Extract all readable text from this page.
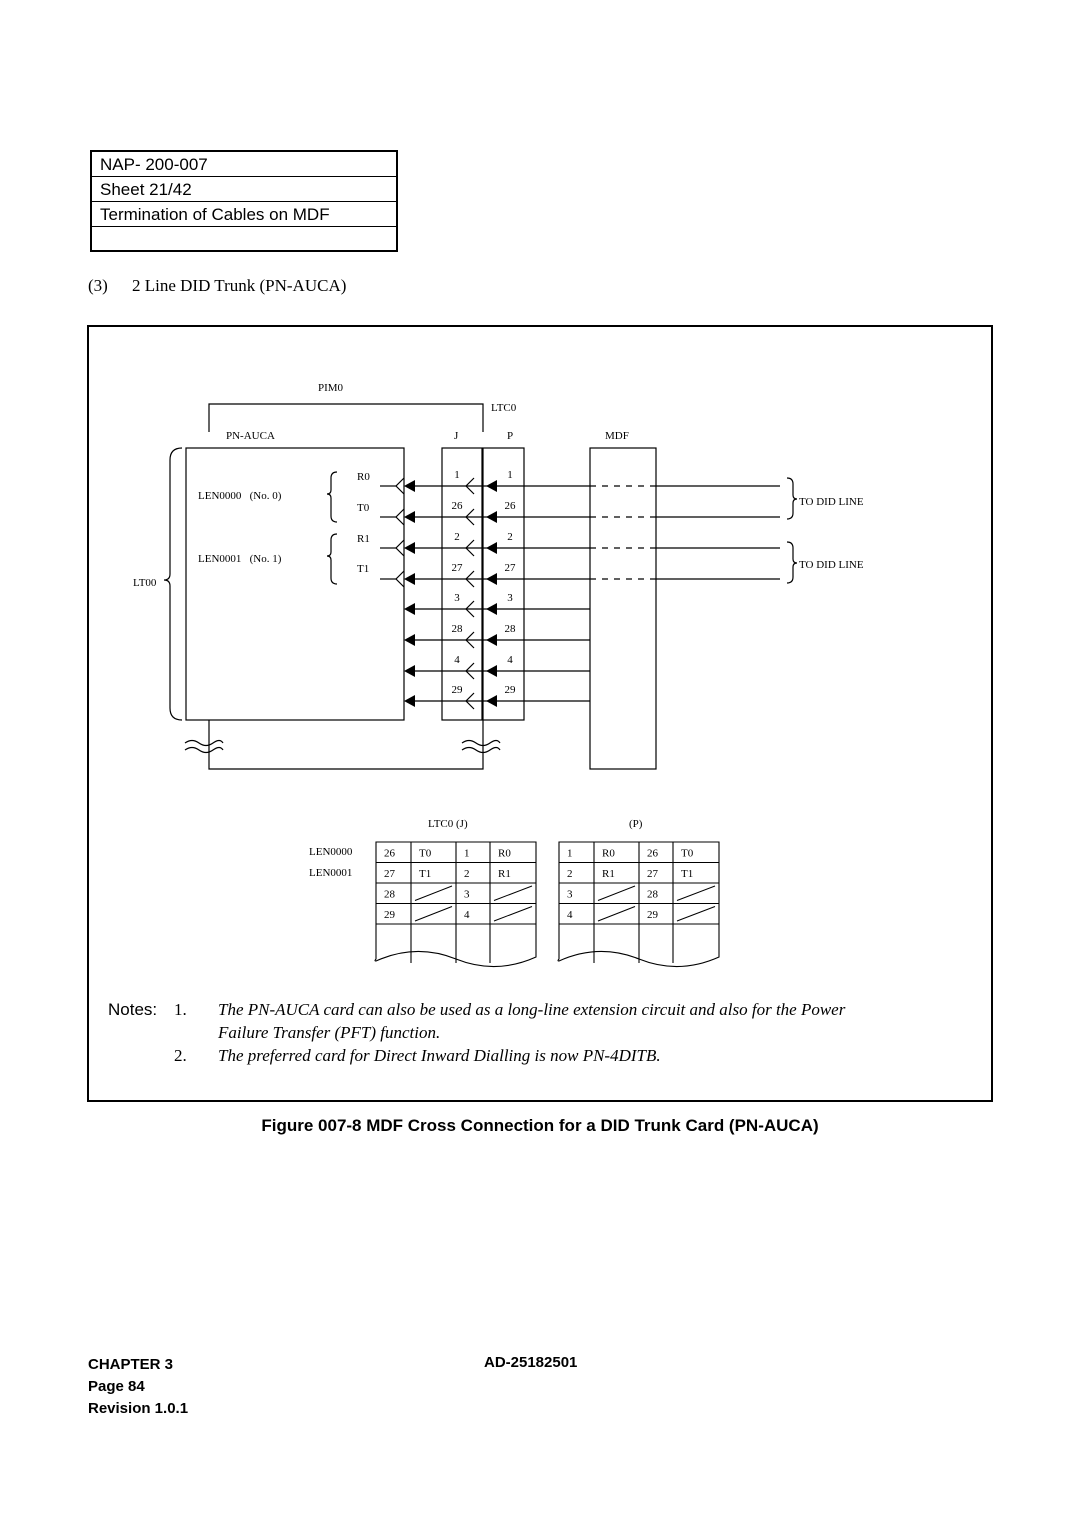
NAP- 200-007
Sheet 21/42
Termination of Cables on MDF
(3) 2 Line DID Trunk (PN-AUCA)
1	1
26	26
2	2
27	27
3	3
28	28
4	4
29	29
PIM0
LTC0
PN-AUCA	J	P	MDF
LT00
LEN0000   (No. 0)
LEN0001   (No. 1)
R0
T0
R1
T1
TO DID LINE
TO DID LINE
LTC0 (J)	(P)
LEN0000
LEN0001
26 T0	1	R0
27 T1	2	R1
28	3
29	4
1	R0	26 T0
2	R1	27 T1
3	28
4	29
Notes: 1. The PN-AUCA card can also be used as a long-line extension circuit and also for the Power
Failure Transfer (PFT) function.
2. The preferred card for Direct Inward Dialling is now PN-4DITB.
Figure 007-8 MDF Cross Connection for a DID Trunk Card (PN-AUCA)
CHAPTER 3
Page 84
Revision 1.0.1
AD-25182501
